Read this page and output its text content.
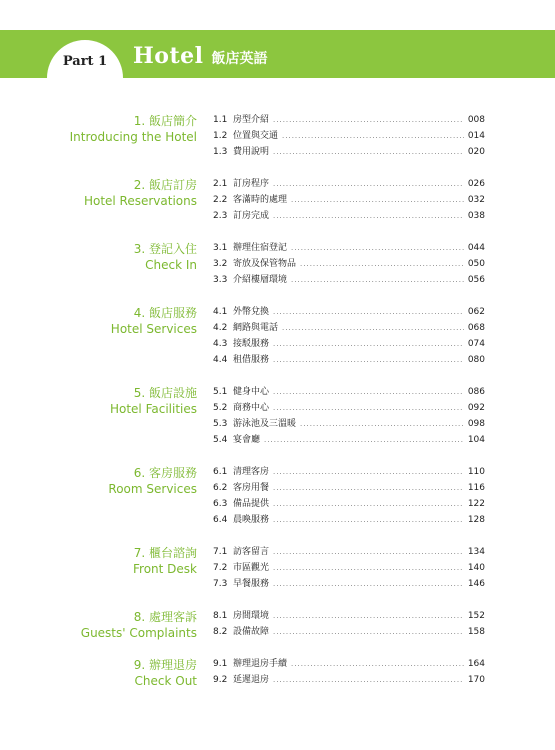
Part 1	Hotel 飯店英語
1. 飯店簡介
Introducing the Hotel
1.1 房型介紹 .....	008
1.2 位置與交通 .....	014
1.3 費用說明 .....	020
2. 飯店訂房
Hotel Reservations
2.1 訂房程序 .....	026
2.2 客滿時的處理 .....	032
2.3 訂房完成 .....	038
3. 登記入住
Check In
3.1 辦理住宿登記 .....	044
3.2 寄放及保管物品 .....	050
3.3 介紹樓層環境 .....	056
4. 飯店服務
Hotel Services
4.1 外幣兌換 .....	062
4.2 網路與電話 .....	068
4.3 接駁服務 .....	074
4.4 租借服務 .....	080
5. 飯店設施
Hotel Facilities
5.1 健身中心 .....	086
5.2 商務中心 .....	092
5.3 游泳池及三溫暖 .....	098
5.4 宴會廳 .....	104
6. 客房服務
Room Services
6.1 清理客房 .....	110
6.2 客房用餐 .....	116
6.3 備品提供 .....	122
6.4 晨喚服務 .....	128
7. 櫃台諮詢
Front Desk
7.1 訪客留言 .....	134
7.2 市區觀光 .....	140
7.3 早餐服務 .....	146
8. 處理客訴
Guests' Complaints
8.1 房間環境 .....	152
8.2 設備故障 .....	158
9. 辦理退房
Check Out
9.1 辦理退房手續 .....	164
9.2 延遲退房 .....	170
